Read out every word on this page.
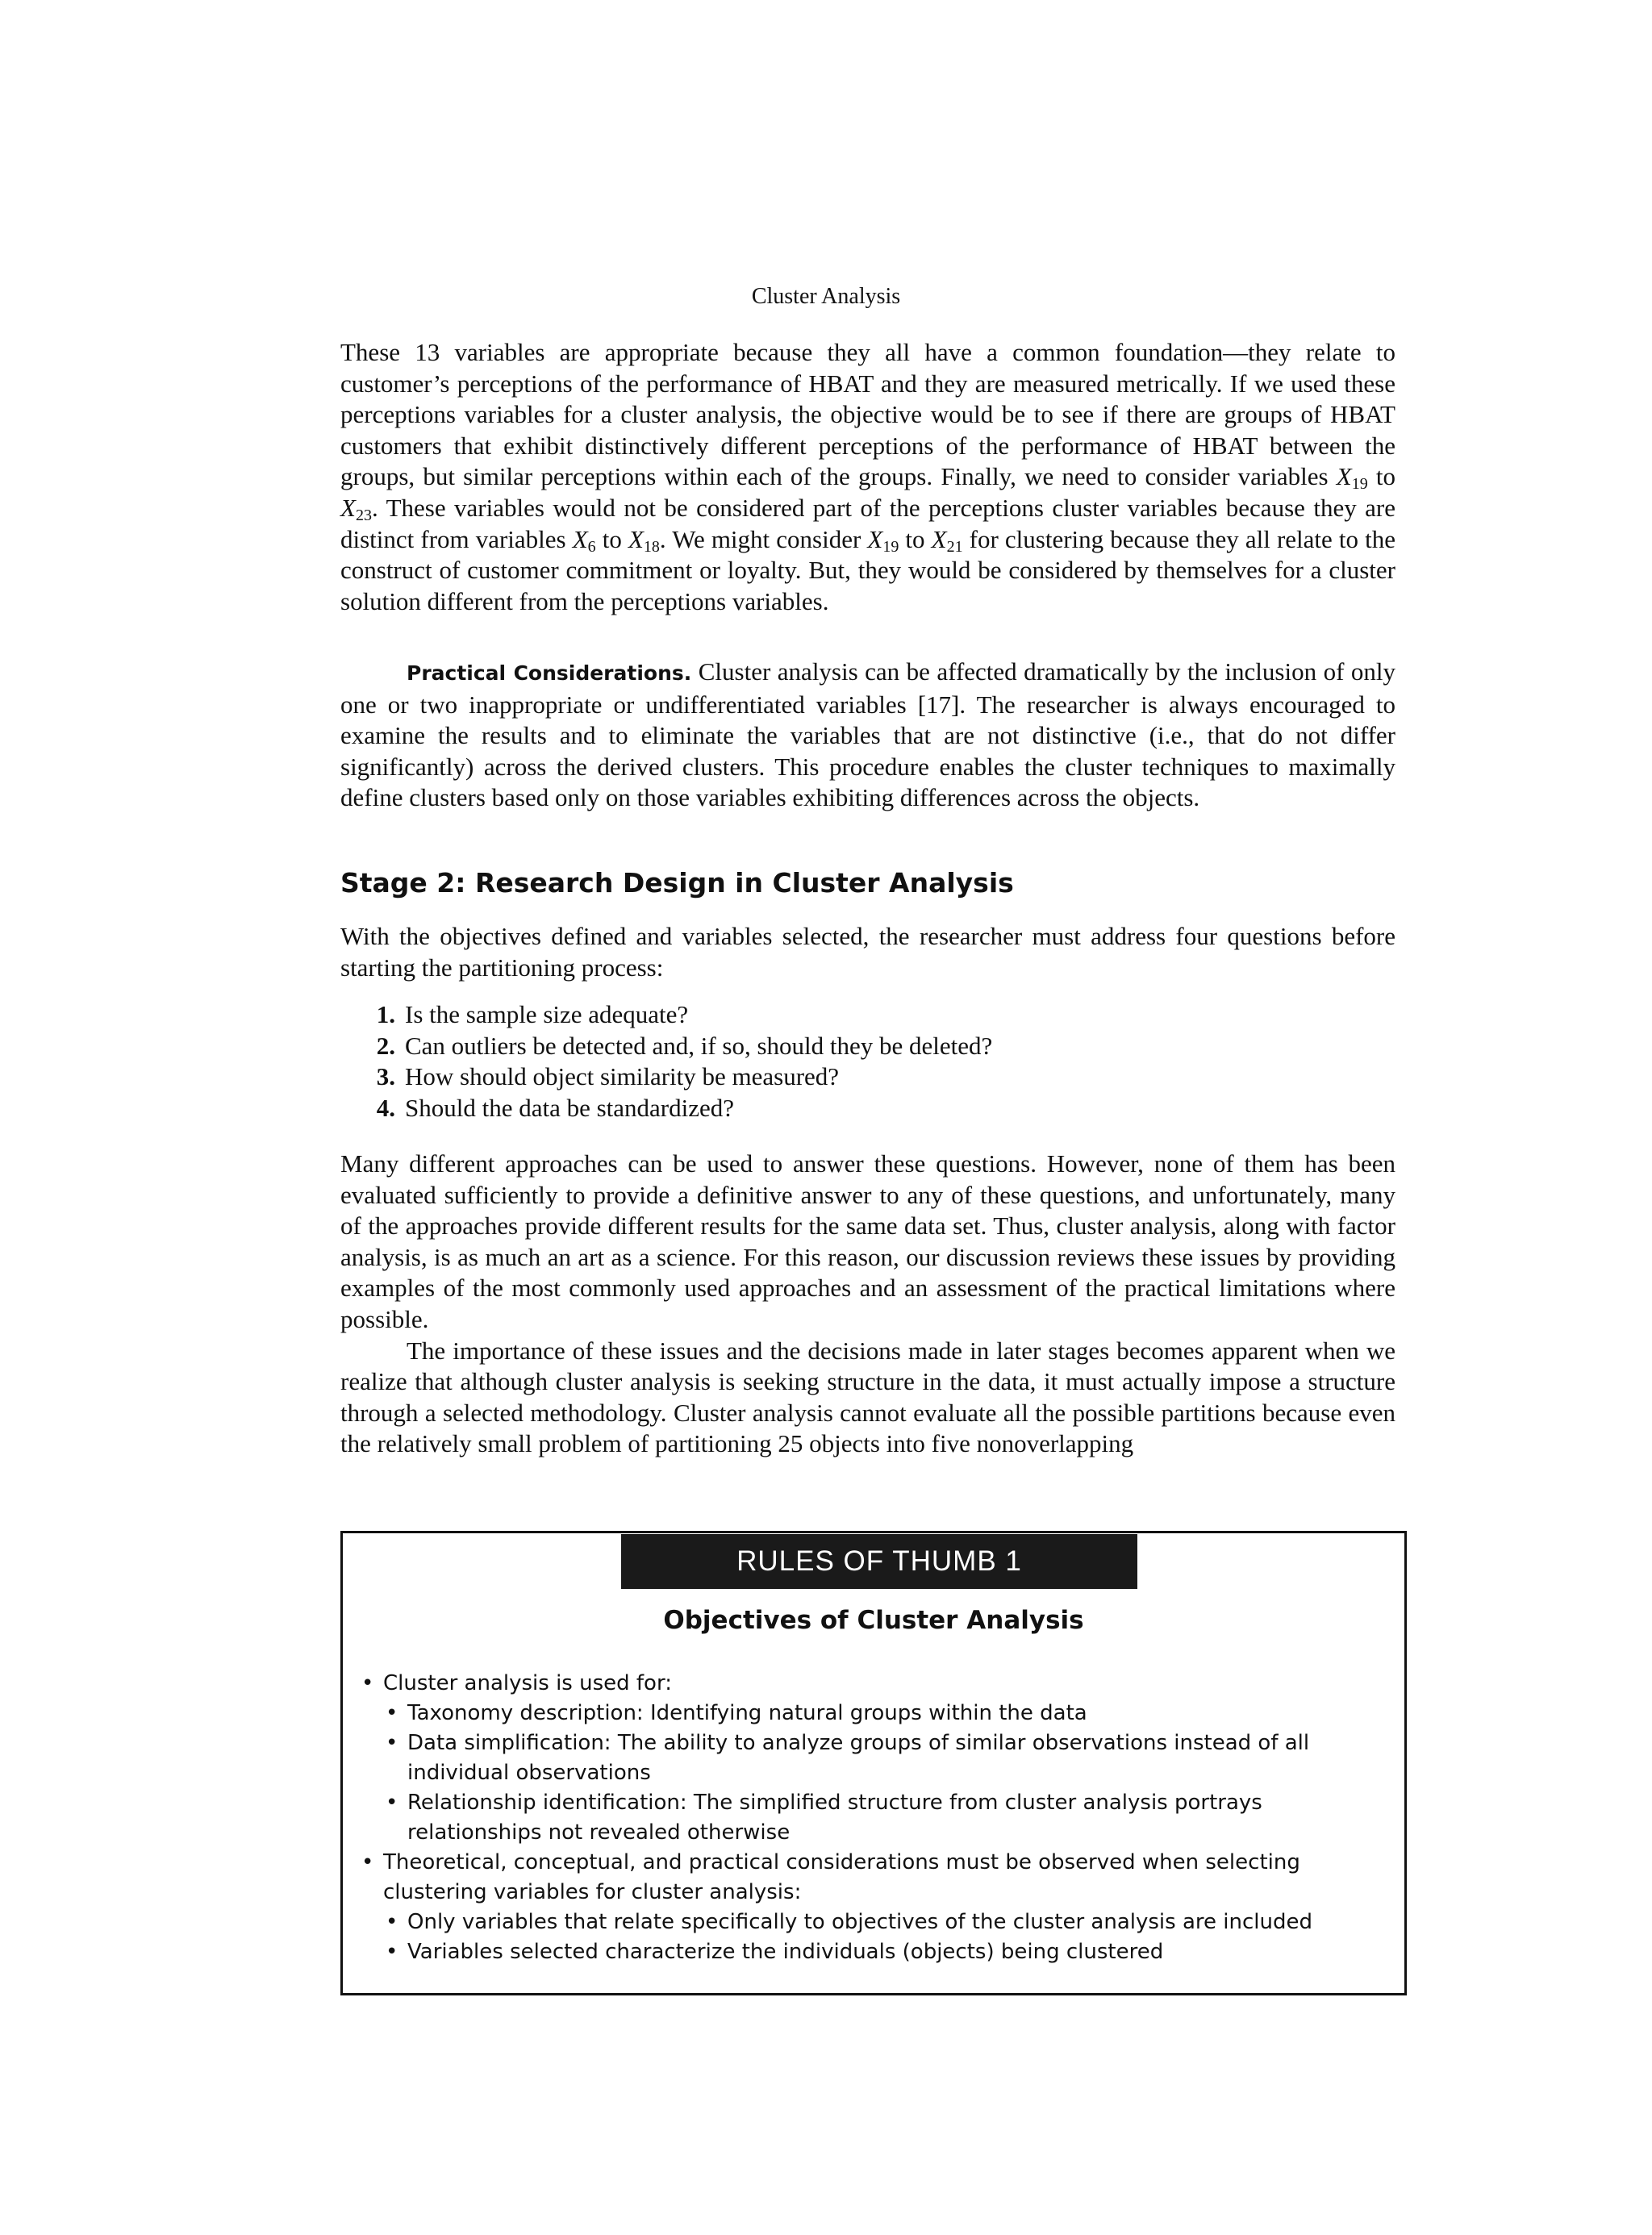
Cluster Analysis

These 13 variables are appropriate because they all have a common foundation—they relate to customer’s perceptions of the performance of HBAT and they are measured metrically. If we used these perceptions variables for a cluster analysis, the objective would be to see if there are groups of HBAT customers that exhibit distinctively different perceptions of the performance of HBAT between the groups, but similar perceptions within each of the groups. Finally, we need to consider variables $X_{19}$ to $X_{23}$. These variables would not be considered part of the perceptions cluster variables because they are distinct from variables $X_6$ to $X_{18}$. We might consider $X_{19}$ to $X_{21}$ for clustering because they all relate to the construct of customer commitment or loyalty. But, they would be considered by themselves for a cluster solution different from the perceptions variables.

Practical Considerations. Cluster analysis can be affected dramatically by the inclusion of only one or two inappropriate or undifferentiated variables [17]. The researcher is always encouraged to examine the results and to eliminate the variables that are not distinctive (i.e., that do not differ significantly) across the derived clusters. This procedure enables the cluster techniques to maximally define clusters based only on those variables exhibiting differences across the objects.

Stage 2: Research Design in Cluster Analysis

With the objectives defined and variables selected, the researcher must address four questions before starting the partitioning process:

1. Is the sample size adequate?
2. Can outliers be detected and, if so, should they be deleted?
3. How should object similarity be measured?
4. Should the data be standardized?

Many different approaches can be used to answer these questions. However, none of them has been evaluated sufficiently to provide a definitive answer to any of these questions, and unfortunately, many of the approaches provide different results for the same data set. Thus, cluster analysis, along with factor analysis, is as much an art as a science. For this reason, our discussion reviews these issues by providing examples of the most commonly used approaches and an assessment of the practical limitations where possible.

The importance of these issues and the decisions made in later stages becomes apparent when we realize that although cluster analysis is seeking structure in the data, it must actually impose a structure through a selected methodology. Cluster analysis cannot evaluate all the possible partitions because even the relatively small problem of partitioning 25 objects into five nonoverlapping

RULES OF THUMB 1
Objectives of Cluster Analysis
• Cluster analysis is used for:
• Taxonomy description: Identifying natural groups within the data
• Data simplification: The ability to analyze groups of similar observations instead of all individual observations
• Relationship identification: The simplified structure from cluster analysis portrays relationships not revealed otherwise
• Theoretical, conceptual, and practical considerations must be observed when selecting clustering variables for cluster analysis:
• Only variables that relate specifically to objectives of the cluster analysis are included
• Variables selected characterize the individuals (objects) being clustered
